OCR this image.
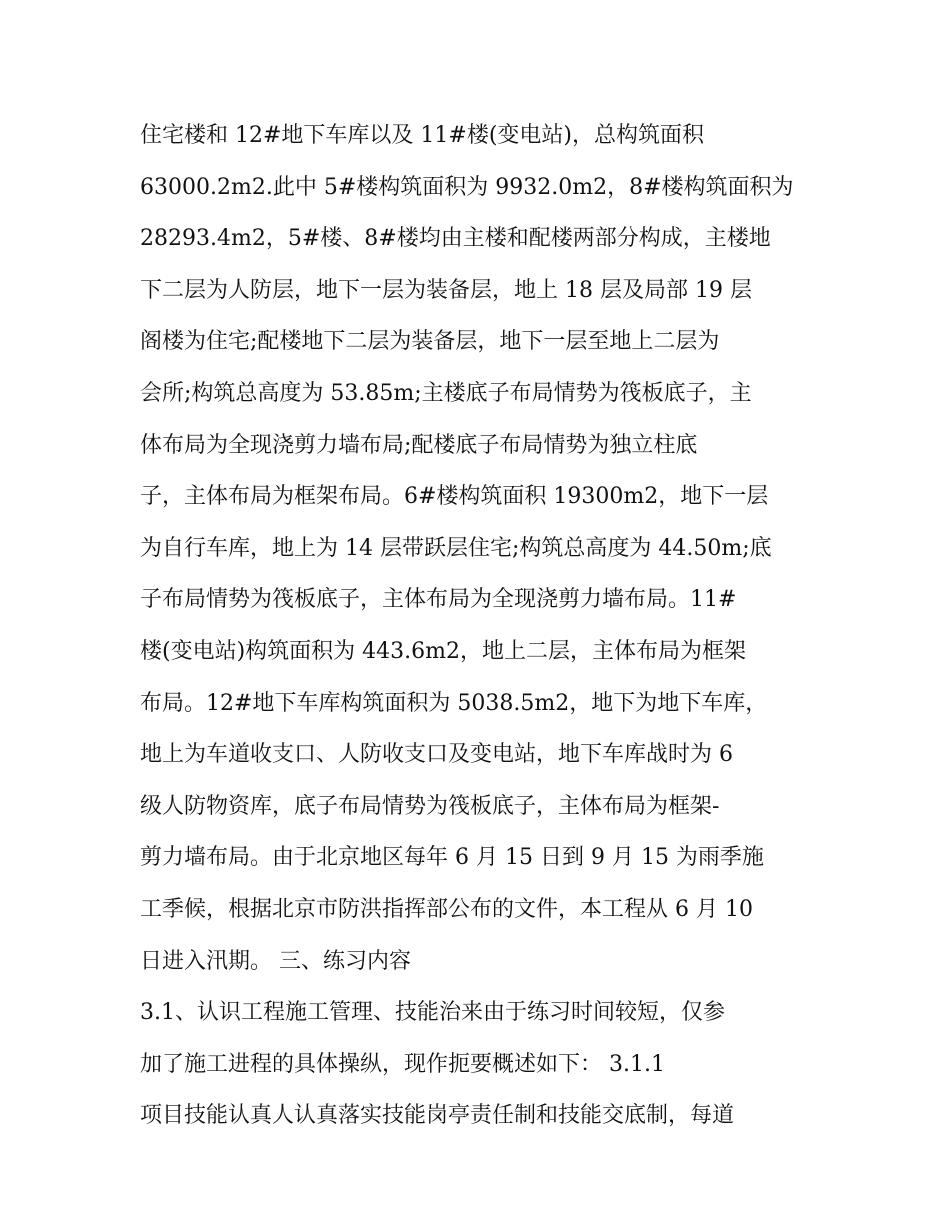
住宅楼和 12#地下车库以及 11#楼(变电站)，总构筑面积
63000.2m2.此中 5#楼构筑面积为 9932.0m2，8#楼构筑面积为
28293.4m2，5#楼、8#楼均由主楼和配楼两部分构成，主楼地
下二层为人防层，地下一层为装备层，地上 18 层及局部 19 层
阁楼为住宅;配楼地下二层为装备层，地下一层至地上二层为
会所;构筑总高度为 53.85m;主楼底子布局情势为筏板底子，主
体布局为全现浇剪力墙布局;配楼底子布局情势为独立柱底
子，主体布局为框架布局。6#楼构筑面积 19300m2，地下一层
为自行车库，地上为 14 层带跃层住宅;构筑总高度为 44.50m;底
子布局情势为筏板底子，主体布局为全现浇剪力墙布局。11#
楼(变电站)构筑面积为 443.6m2，地上二层，主体布局为框架
布局。12#地下车库构筑面积为 5038.5m2，地下为地下车库，
地上为车道收支口、人防收支口及变电站，地下车库战时为 6
级人防物资库，底子布局情势为筏板底子，主体布局为框架-
剪力墙布局。由于北京地区每年 6 月 15 日到 9 月 15 为雨季施
工季候，根据北京市防洪指挥部公布的文件，本工程从 6 月 10
日进入汛期。 三、练习内容
3.1、认识工程施工管理、技能治来由于练习时间较短，仅参
加了施工进程的具体操纵，现作扼要概述如下： 3.1.1
项目技能认真人认真落实技能岗亭责任制和技能交底制，每道
